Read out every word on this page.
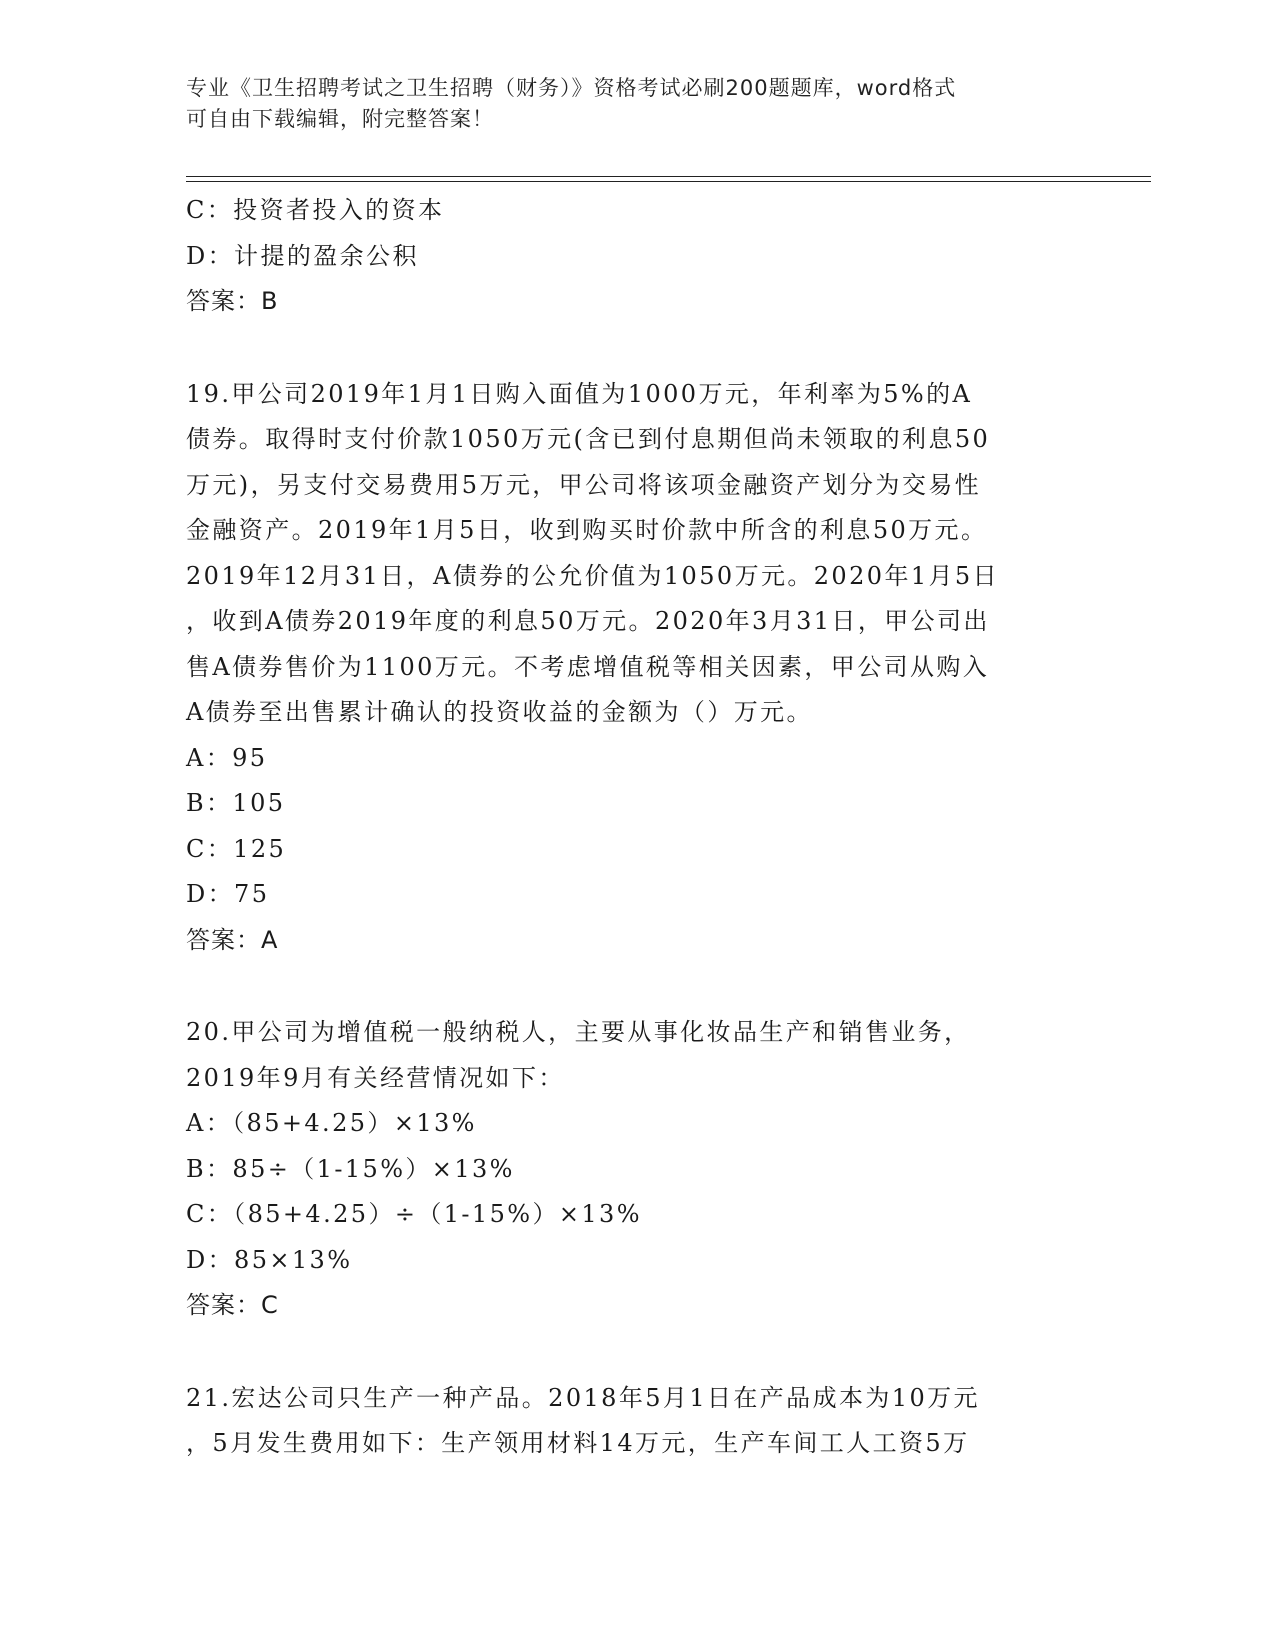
专业《卫生招聘考试之卫生招聘（财务）》资格考试必刷200题题库，word格式
可自由下载编辑，附完整答案！
C：投资者投入的资本
D：计提的盈余公积
答案：B
19.甲公司2019年1月1日购入面值为1000万元，年利率为5%的A
债券。取得时支付价款1050万元(含已到付息期但尚未领取的利息50
万元)，另支付交易费用5万元，甲公司将该项金融资产划分为交易性
金融资产。2019年1月5日，收到购买时价款中所含的利息50万元。
2019年12月31日，A债券的公允价值为1050万元。2020年1月5日
，收到A债券2019年度的利息50万元。2020年3月31日，甲公司出
售A债券售价为1100万元。不考虑增值税等相关因素，甲公司从购入
A债券至出售累计确认的投资收益的金额为（）万元。
A：95
B：105
C：125
D：75
答案：A
20.甲公司为增值税一般纳税人，主要从事化妆品生产和销售业务，
2019年9月有关经营情况如下：
A：（85+4.25）×13%
B：85÷（1-15%）×13%
C：（85+4.25）÷（1-15%）×13%
D：85×13%
答案：C
21.宏达公司只生产一种产品。2018年5月1日在产品成本为10万元
，5月发生费用如下：生产领用材料14万元，生产车间工人工资5万
